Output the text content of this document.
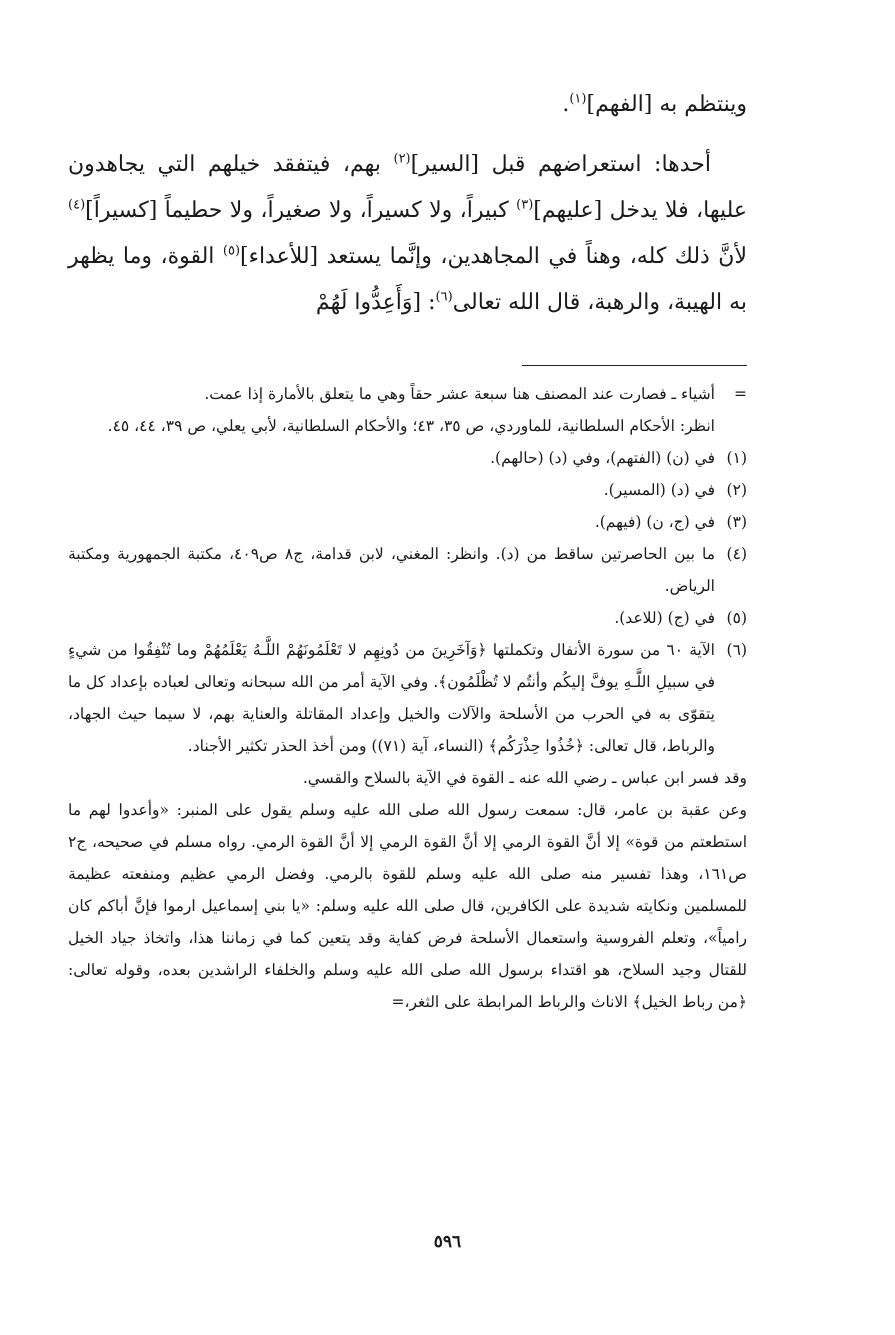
وينتظم به [الفهم]$^{(١)}$.

أحدها: استعراضهم قبل [السير]$^{(٢)}$ بهم، فيتفقد خيلهم التي يجاهدون عليها، فلا يدخل [عليهم]$^{(٣)}$ كبيراً، ولا كسيراً، ولا صغيراً، ولا حطيماً [كسيراً]$^{(٤)}$ لأنَّ ذلك كله، وهناً في المجاهدين، وإنَّما يستعد [للأعداء]$^{(٥)}$ القوة، وما يظهر به الهيبة، والرهبة، قال الله تعالى$^{(٦)}$: [وَأَعِدُّوا لَهُمْ

=
أشياء ـ فصارت عند المصنف هنا سبعة عشر حقاً وهي ما يتعلق بالأمارة إذا عمت.
انظر: الأحكام السلطانية، للماوردي، ص ٣٥، ٤٣؛ والأحكام السلطانية، لأبي يعلي، ص ٣٩، ٤٤، ٤٥.
(١)
في (ن) (الفتهم)، وفي (د) (حالهم).
(٢)
في (د) (المسير).
(٣)
في (ج، ن) (فيهم).
(٤)
ما بين الحاصرتين ساقط من (د). وانظر: المغني، لابن قدامة، ج٨ ص٤٠٩، مكتبة الجمهورية ومكتبة الرياض.
(٥)
في (ج) (للاعد).
(٦)
الآية ٦٠ من سورة الأنفال وتكملتها ﴿وَآخَرِينَ من دُونِهِم لا تَعْلَمُونَهُمْ اللَّـهُ يَعْلَمُهُمْ وما تُنْفِقُوا من شيءٍ في سبيلِ اللَّـهِ يوفَّ إليكُم وأنتُم لا تُظْلَمُون﴾. وفي الآية أمر من الله سبحانه وتعالى لعباده بإعداد كل ما يتقوّى به في الحرب من الأسلحة والآلات والخيل وإعداد المقاتلة والعناية بهم، لا سيما حيث الجهاد، والرباط، قال تعالى: ﴿خُذُوا حِذْرَكُم﴾ (النساء، آية (٧١)) ومن أخذ الحذر تكثير الأجناد.

وقد فسر ابن عباس ـ رضي الله عنه ـ القوة في الآية بالسلاح والقسي.

وعن عقبة بن عامر، قال: سمعت رسول الله صلى الله عليه وسلم يقول على المنبر: «وأعدوا لهم ما استطعتم من قوة» إلا أنَّ القوة الرمي إلا أنَّ القوة الرمي إلا أنَّ القوة الرمي. رواه مسلم في صحيحه، ج٢ ص١٦١، وهذا تفسير منه صلى الله عليه وسلم للقوة بالرمي. وفضل الرمي عظيم ومنفعته عظيمة للمسلمين ونكايته شديدة على الكافرين، قال صلى الله عليه وسلم: «يا بني إسماعيل ارموا فإنَّ أباكم كان رامياً»، وتعلم الفروسية واستعمال الأسلحة فرض كفاية وقد يتعين كما في زماننا هذا، واتخاذ جياد الخيل للقتال وجيد السلاح، هو اقتداء برسول الله صلى الله عليه وسلم والخلفاء الراشدين بعده، وقوله تعالى: ﴿من رباط الخيل﴾ الاناث والرباط المرابطة على الثغر،=

٥٩٦
